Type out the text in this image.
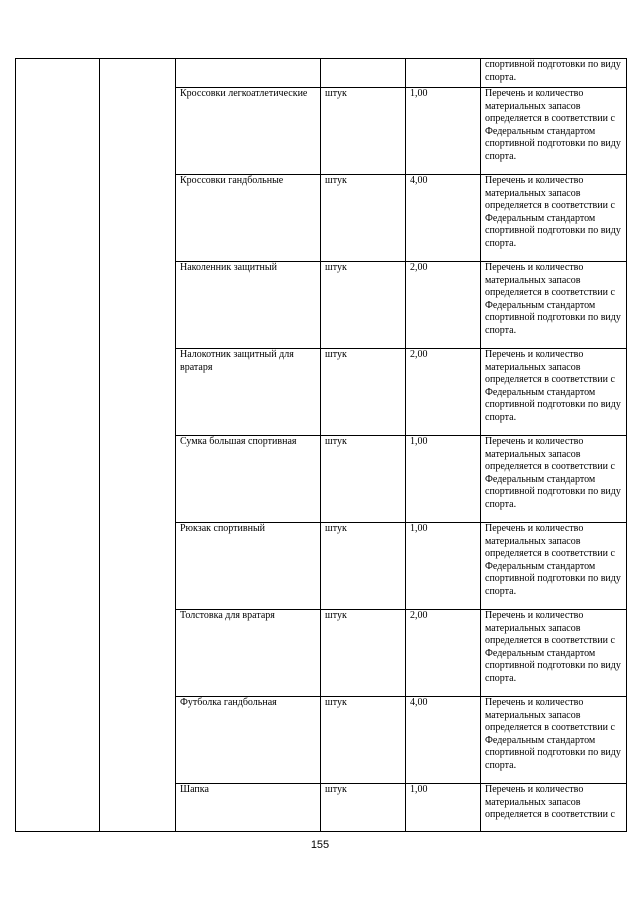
					спортивной подготовки по виду спорта.
		Кроссовки легкоатлетические	штук	1,00	Перечень и количество материальных запасов определяется в соответствии с Федеральным стандартом спортивной подготовки по виду спорта.
		Кроссовки гандбольные	штук	4,00	Перечень и количество материальных запасов определяется в соответствии с Федеральным стандартом спортивной подготовки по виду спорта.
		Наколенник защитный	штук	2,00	Перечень и количество материальных запасов определяется в соответствии с Федеральным стандартом спортивной подготовки по виду спорта.
		Налокотник защитный для вратаря	штук	2,00	Перечень и количество материальных запасов определяется в соответствии с Федеральным стандартом спортивной подготовки по виду спорта.
		Сумка большая спортивная	штук	1,00	Перечень и количество материальных запасов определяется в соответствии с Федеральным стандартом спортивной подготовки по виду спорта.
		Рюкзак спортивный	штук	1,00	Перечень и количество материальных запасов определяется в соответствии с Федеральным стандартом спортивной подготовки по виду спорта.
		Толстовка для вратаря	штук	2,00	Перечень и количество материальных запасов определяется в соответствии с Федеральным стандартом спортивной подготовки по виду спорта.
		Футболка гандбольная	штук	4,00	Перечень и количество материальных запасов определяется в соответствии с Федеральным стандартом спортивной подготовки по виду спорта.
		Шапка	штук	1,00	Перечень и количество материальных запасов определяется в соответствии с
155
